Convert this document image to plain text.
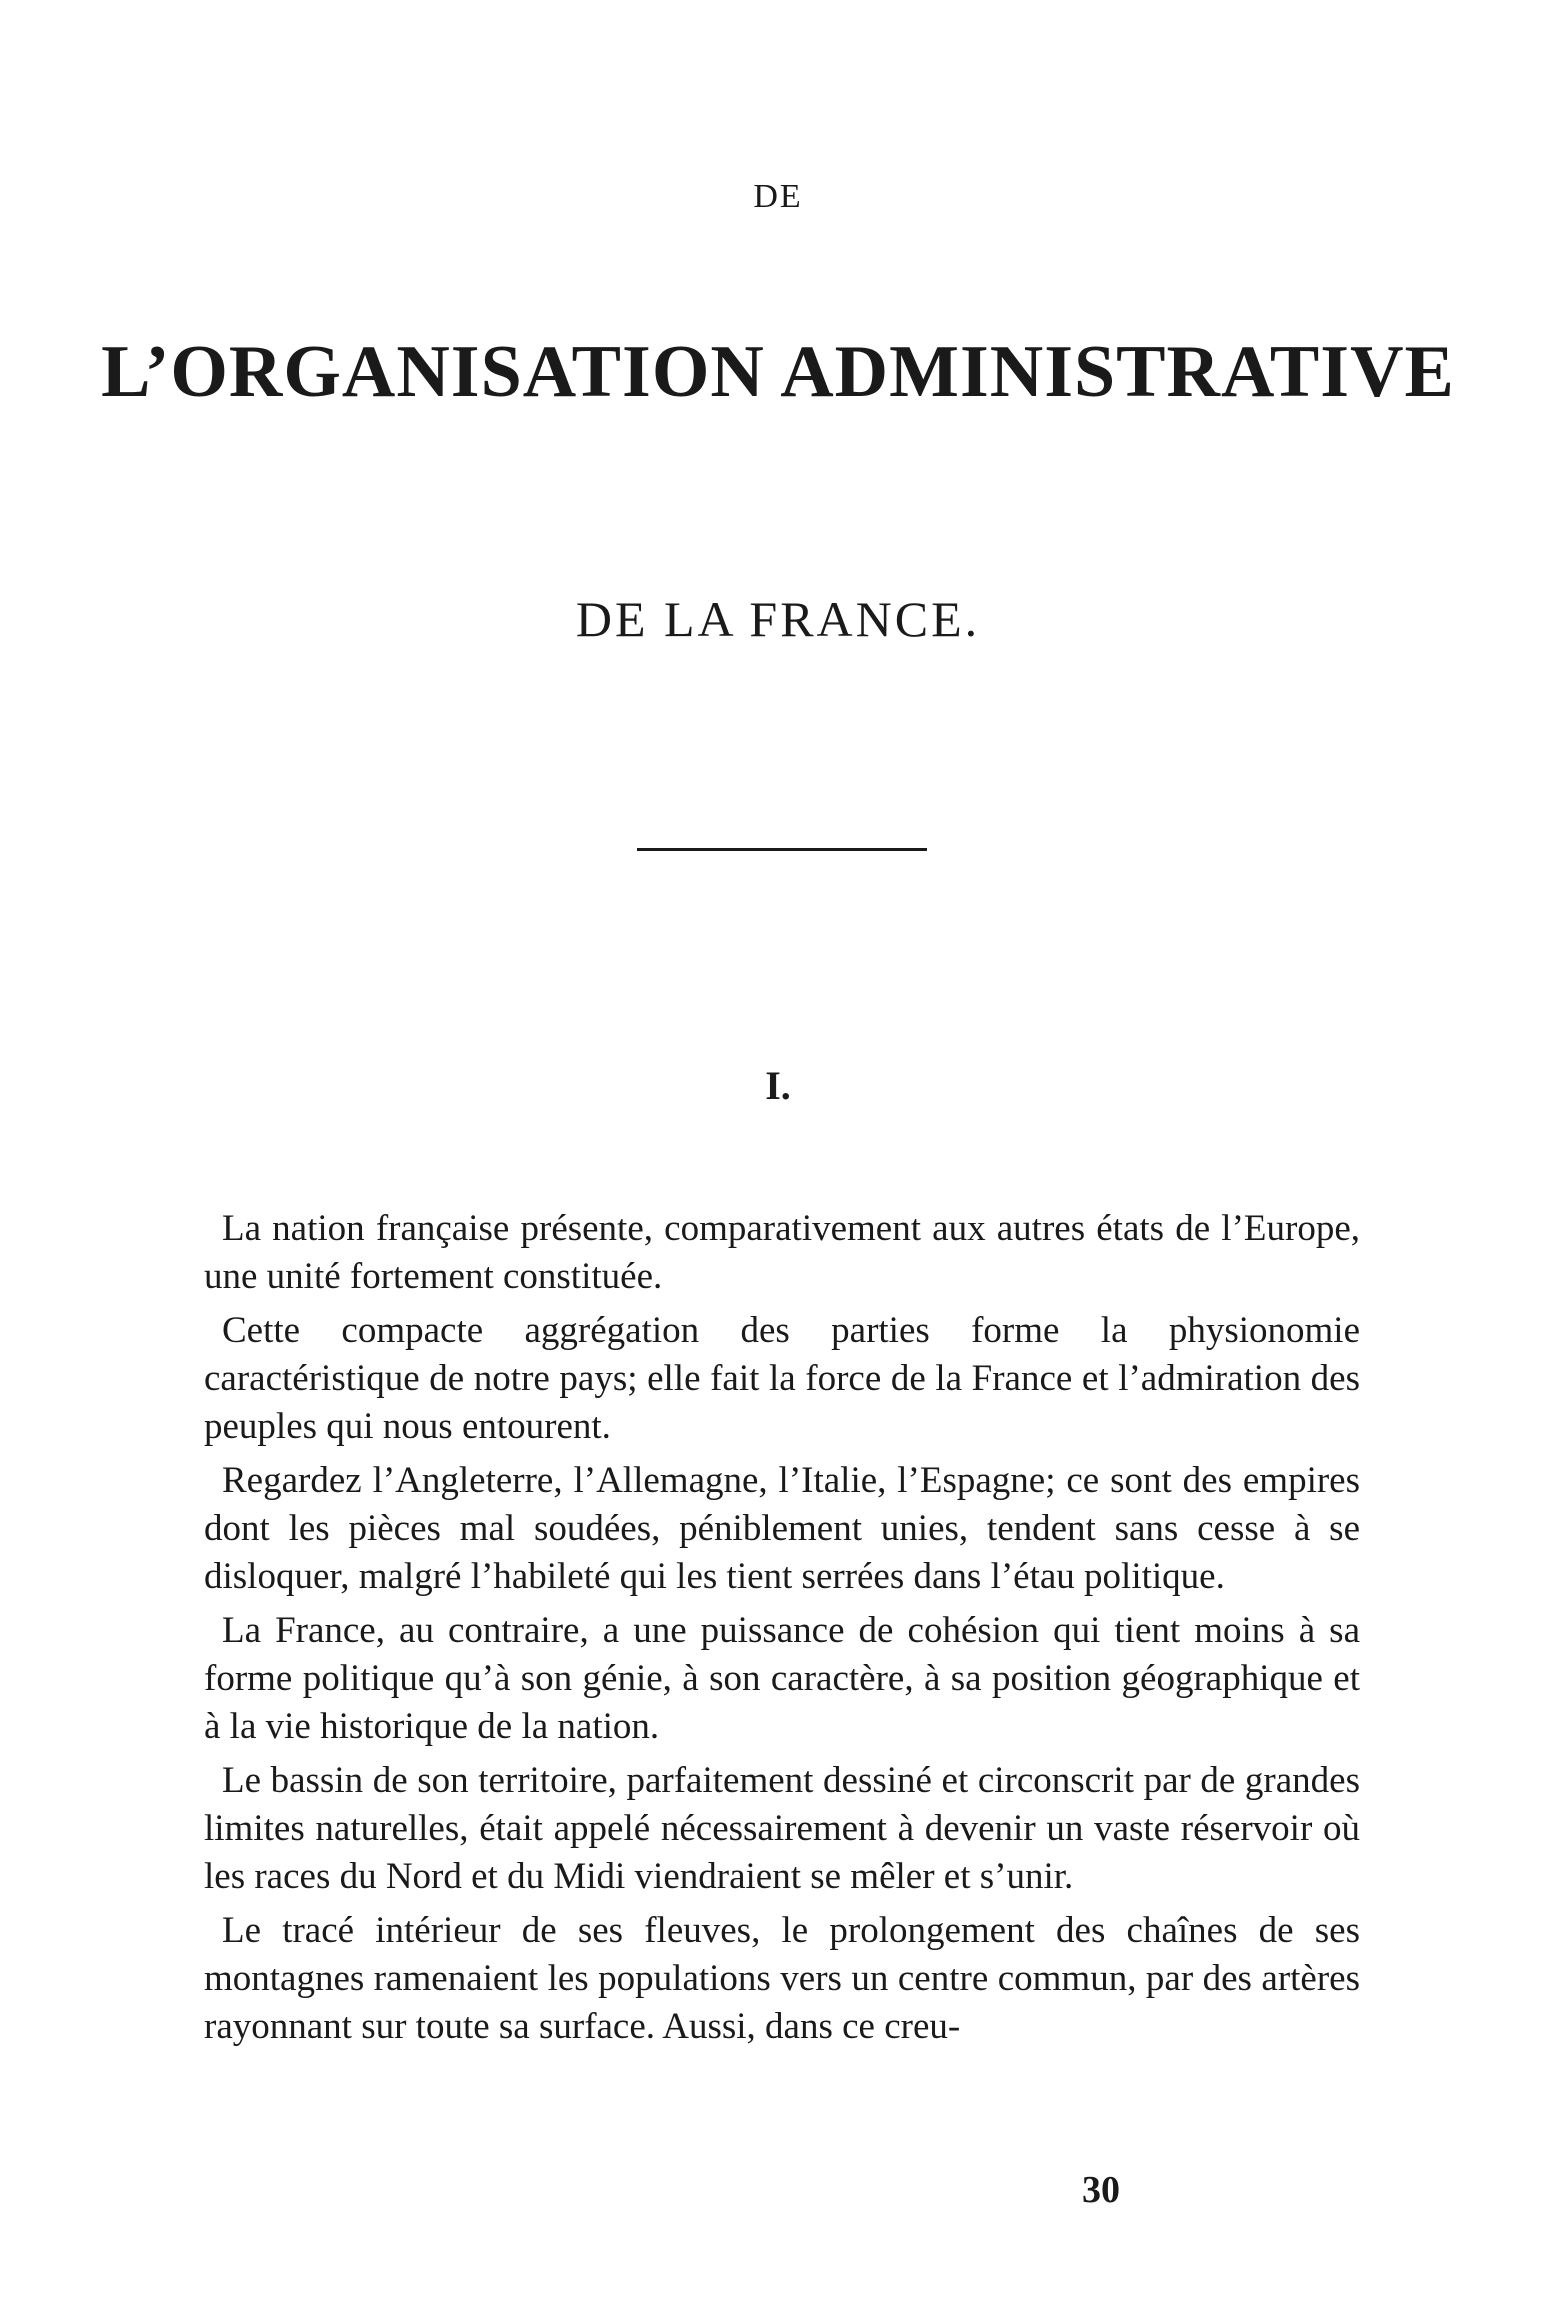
DE
L’ORGANISATION ADMINISTRATIVE
DE LA FRANCE.
I.

La nation française présente, comparativement aux autres états de l’Europe, une unité fortement constituée.

Cette compacte aggrégation des parties forme la physionomie caractéristique de notre pays; elle fait la force de la France et l’admiration des peuples qui nous entourent.

Regardez l’Angleterre, l’Allemagne, l’Italie, l’Espagne; ce sont des empires dont les pièces mal soudées, péniblement unies, tendent sans cesse à se disloquer, malgré l’habileté qui les tient serrées dans l’étau politique.

La France, au contraire, a une puissance de cohésion qui tient moins à sa forme politique qu’à son génie, à son caractère, à sa position géographique et à la vie historique de la nation.

Le bassin de son territoire, parfaitement dessiné et circonscrit par de grandes limites naturelles, était appelé nécessairement à devenir un vaste réservoir où les races du Nord et du Midi viendraient se mêler et s’unir.

Le tracé intérieur de ses fleuves, le prolongement des chaînes de ses montagnes ramenaient les populations vers un centre commun, par des artères rayonnant sur toute sa surface. Aussi, dans ce creu-

30
